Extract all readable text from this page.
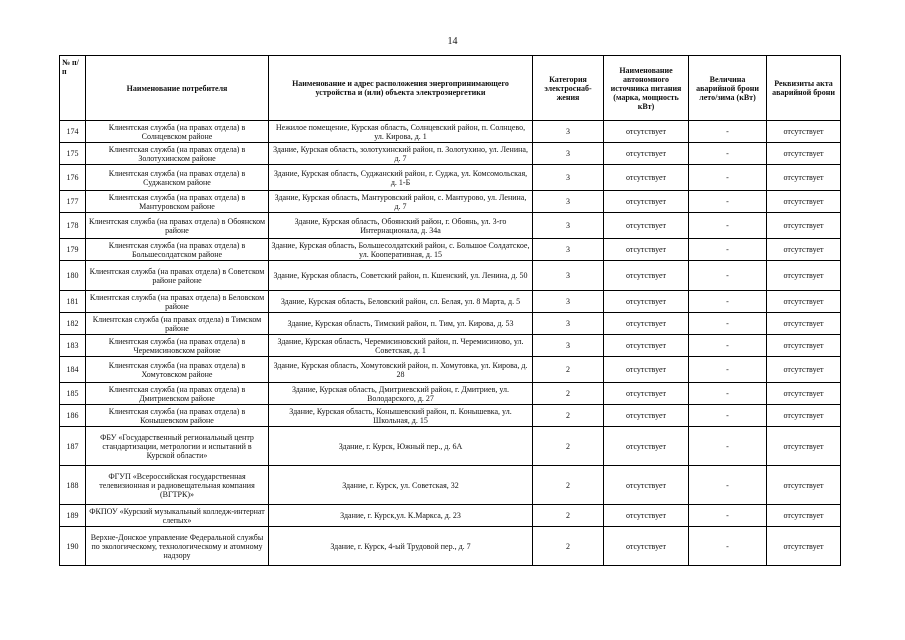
14
№ п/п	Наименование потребителя	Наименование и адрес расположения энергопринимающего устройства и (или) объекта электроэнергетики	Категория электроснаб-жения	Наименование автономного источника питания (марка, мощность кВт)	Величина аварийной брони лето/зима (кВт)	Реквизиты акта аварийной брони
174	Клиентская служба (на правах отдела) в Солнцевском районе	Нежилое помещение, Курская область, Солнцевский район, п. Солнцево, ул. Кирова, д. 1	3	отсутствует	-	отсутствует
175	Клиентская служба (на правах отдела) в Золотухинском районе	Здание, Курская область, золотухинский район, п. Золотухино, ул. Ленина, д. 7	3	отсутствует	-	отсутствует
176	Клиентская служба (на правах отдела) в Суджанском районе	Здание, Курская область, Суджанский район, г. Суджа, ул. Комсомольская, д. 1-Б	3	отсутствует	-	отсутствует
177	Клиентская служба (на правах отдела) в Мантуровском районе	Здание, Курская область, Мантуровский район, с. Мантурово, ул. Ленина, д. 7	3	отсутствует	-	отсутствует
178	Клиентская служба (на правах отдела) в Обоянском районе	Здание, Курская область, Обоянский район, г. Обоянь, ул. 3-го Интернационала, д. 34а	3	отсутствует	-	отсутствует
179	Клиентская служба (на правах отдела) в Большесолдатском районе	Здание, Курская область, Большесолдатский район, с. Большое Солдатское, ул. Кооперативная, д. 15	3	отсутствует	-	отсутствует
180	Клиентская служба (на правах отдела) в Советском районе районе	Здание, Курская область, Советский район, п. Кшенский, ул. Ленина, д. 50	3	отсутствует	-	отсутствует
181	Клиентская служба (на правах отдела) в Беловском районе	Здание, Курская область, Беловский район, сл. Белая, ул. 8 Марта, д. 5	3	отсутствует	-	отсутствует
182	Клиентская служба (на правах отдела) в Тимском районе	Здание, Курская область, Тимский район, п. Тим, ул. Кирова, д. 53	3	отсутствует	-	отсутствует
183	Клиентская служба (на правах отдела) в Черемисиновском районе	Здание, Курская область, Черемисиновский район, п. Черемисиново, ул. Советская, д. 1	3	отсутствует	-	отсутствует
184	Клиентская служба (на правах отдела) в Хомутовском районе	Здание, Курская область, Хомутовский район, п. Хомутовка, ул. Кирова, д. 28	2	отсутствует	-	отсутствует
185	Клиентская служба (на правах отдела) в Дмитриевском районе	Здание, Курская область, Дмитриевский район, г. Дмитриев, ул. Володарского, д. 27	2	отсутствует	-	отсутствует
186	Клиентская служба (на правах отдела) в Конышевском районе	Здание, Курская область, Конышевский район, п. Конышевка, ул. Школьная, д. 15	2	отсутствует	-	отсутствует
187	ФБУ «Государственный региональный центр стандартизации, метрологии и испытаний в Курской области»	Здание, г. Курск, Южный пер., д. 6А	2	отсутствует	-	отсутствует
188	ФГУП «Всероссийская государственная телевизионная и радиовещательная компания (ВГТРК)»	Здание, г. Курск, ул. Советская, 32	2	отсутствует	-	отсутствует
189	ФКПОУ «Курский музыкальный колледж-интернат слепых»	Здание, г. Курск,ул. К.Маркса, д. 23	2	отсутствует	-	отсутствует
190	Верхне-Донское управление Федеральной службы по экологическому, технологическому и атомному надзору	Здание, г. Курск, 4-ый Трудовой пер., д. 7	2	отсутствует	-	отсутствует
